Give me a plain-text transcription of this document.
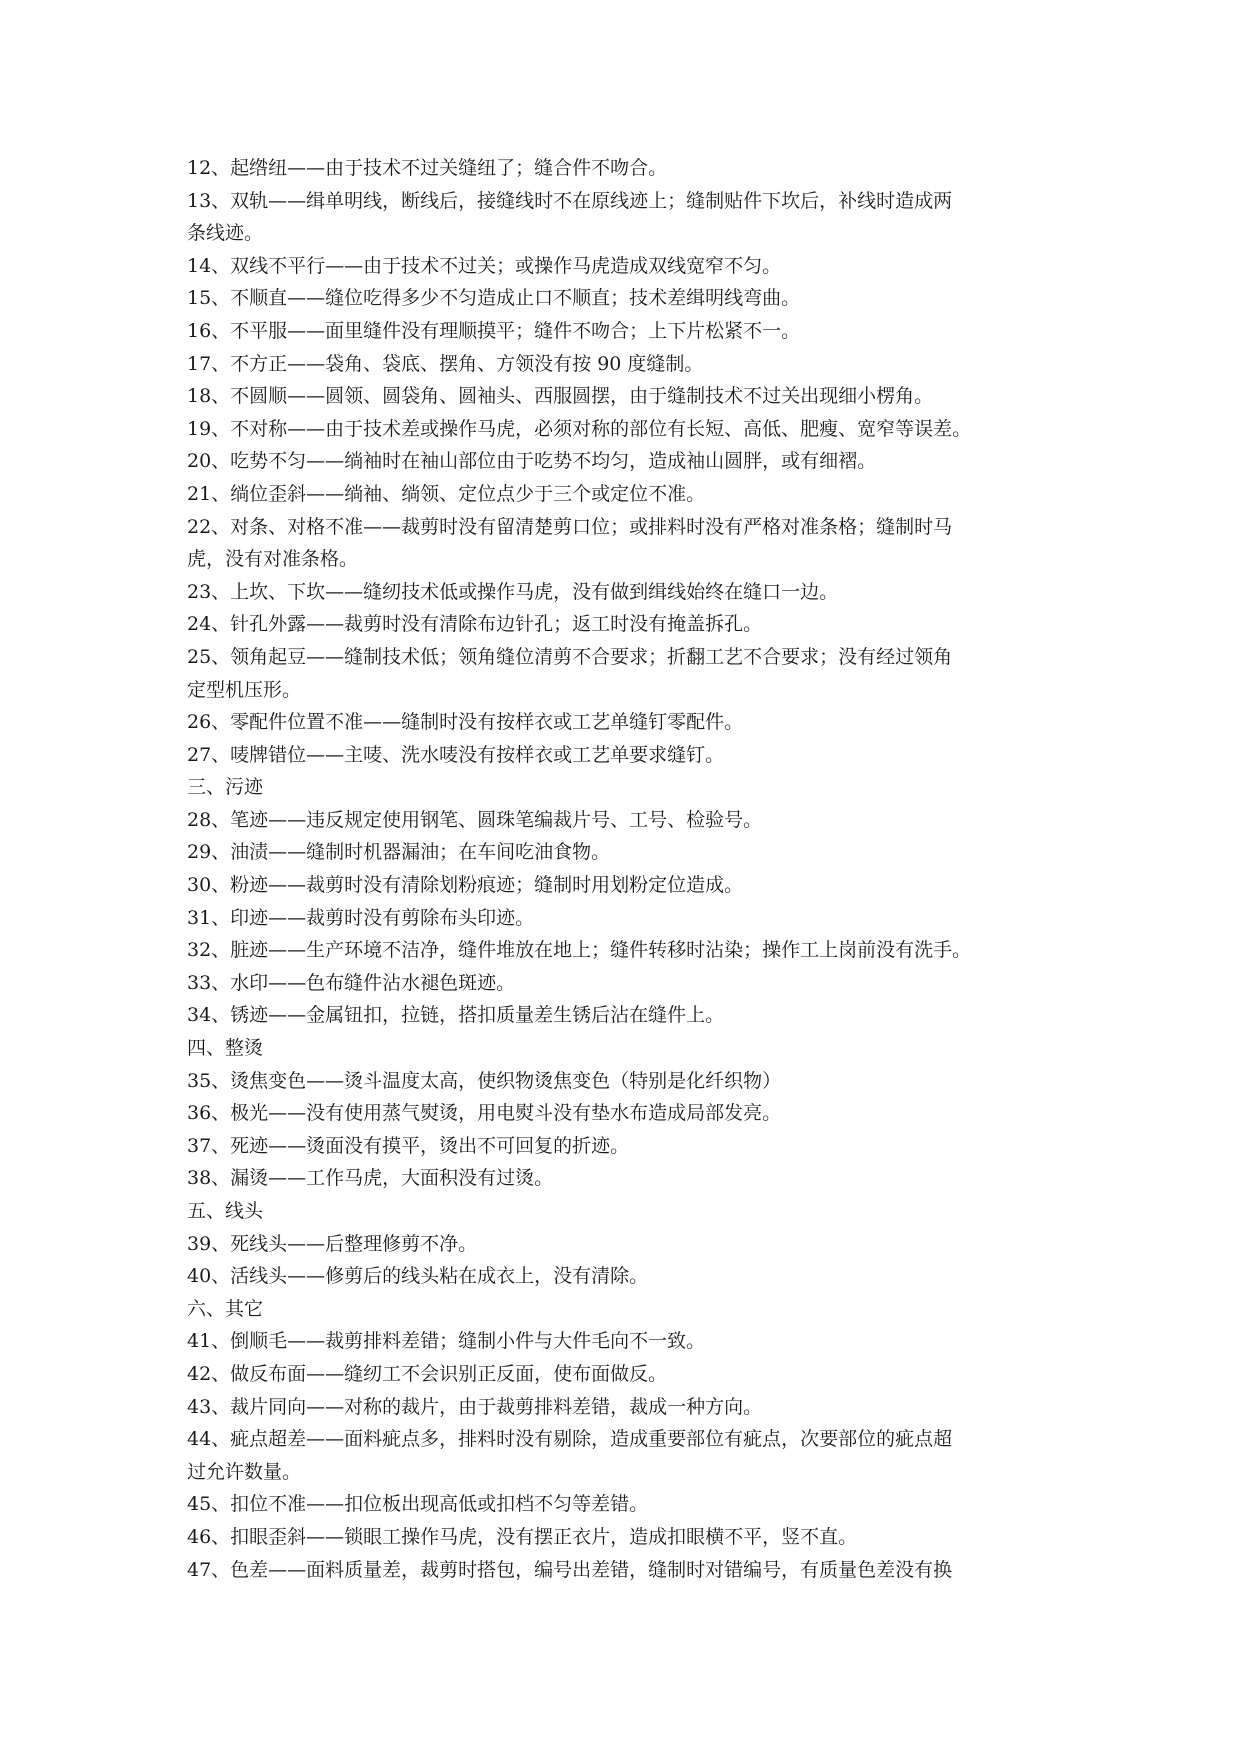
12、起绺纽——由于技术不过关缝纽了；缝合件不吻合。
13、双轨——缉单明线，断线后，接缝线时不在原线迹上；缝制贴件下坎后，补线时造成两
条线迹。
14、双线不平行——由于技术不过关；或操作马虎造成双线宽窄不匀。
15、不顺直——缝位吃得多少不匀造成止口不顺直；技术差缉明线弯曲。
16、不平服——面里缝件没有理顺摸平；缝件不吻合；上下片松紧不一。
17、不方正——袋角、袋底、摆角、方领没有按 90 度缝制。
18、不圆顺——圆领、圆袋角、圆袖头、西服圆摆，由于缝制技术不过关出现细小楞角。
19、不对称——由于技术差或操作马虎，必须对称的部位有长短、高低、肥瘦、宽窄等误差。
20、吃势不匀——绱袖时在袖山部位由于吃势不均匀，造成袖山圆胖，或有细褶。
21、绱位歪斜——绱袖、绱领、定位点少于三个或定位不准。
22、对条、对格不准——裁剪时没有留清楚剪口位；或排料时没有严格对准条格；缝制时马
虎，没有对准条格。
23、上坎、下坎——缝纫技术低或操作马虎，没有做到缉线始终在缝口一边。
24、针孔外露——裁剪时没有清除布边针孔；返工时没有掩盖拆孔。
25、领角起豆——缝制技术低；领角缝位清剪不合要求；折翻工艺不合要求；没有经过领角
定型机压形。
26、零配件位置不准——缝制时没有按样衣或工艺单缝钉零配件。
27、唛牌错位——主唛、洗水唛没有按样衣或工艺单要求缝钉。
三、污迹
28、笔迹——违反规定使用钢笔、圆珠笔编裁片号、工号、检验号。
29、油渍——缝制时机器漏油；在车间吃油食物。
30、粉迹——裁剪时没有清除划粉痕迹；缝制时用划粉定位造成。
31、印迹——裁剪时没有剪除布头印迹。
32、脏迹——生产环境不洁净，缝件堆放在地上；缝件转移时沾染；操作工上岗前没有洗手。
33、水印——色布缝件沾水褪色斑迹。
34、锈迹——金属钮扣，拉链，搭扣质量差生锈后沾在缝件上。
四、整烫
35、烫焦变色——烫斗温度太高，使织物烫焦变色（特别是化纤织物）
36、极光——没有使用蒸气熨烫，用电熨斗没有垫水布造成局部发亮。
37、死迹——烫面没有摸平，烫出不可回复的折迹。
38、漏烫——工作马虎，大面积没有过烫。
五、线头
39、死线头——后整理修剪不净。
40、活线头——修剪后的线头粘在成衣上，没有清除。
六、其它
41、倒顺毛——裁剪排料差错；缝制小件与大件毛向不一致。
42、做反布面——缝纫工不会识别正反面，使布面做反。
43、裁片同向——对称的裁片，由于裁剪排料差错，裁成一种方向。
44、疵点超差——面料疵点多，排料时没有剔除，造成重要部位有疵点，次要部位的疵点超
过允许数量。
45、扣位不准——扣位板出现高低或扣档不匀等差错。
46、扣眼歪斜——锁眼工操作马虎，没有摆正衣片，造成扣眼横不平，竖不直。
47、色差——面料质量差，裁剪时搭包，编号出差错，缝制时对错编号，有质量色差没有换
